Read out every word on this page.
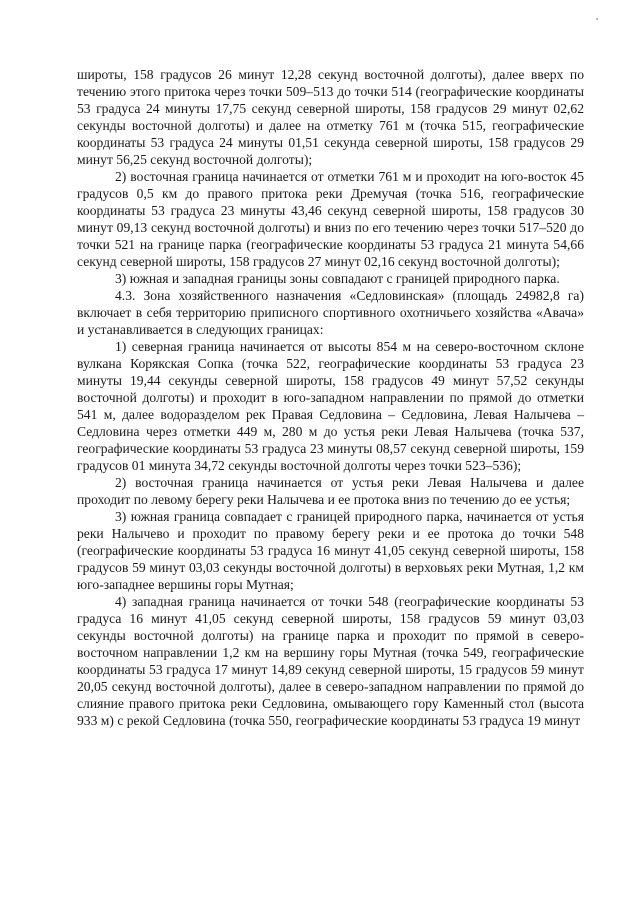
широты, 158 градусов 26 минут 12,28 секунд восточной долготы), далее вверх по течению этого притока через точки 509–513 до точки 514 (географические координаты 53 градуса 24 минуты 17,75 секунд северной широты, 158 градусов 29 минут 02,62 секунды восточной долготы) и далее на отметку 761 м (точка 515, географические координаты 53 градуса 24 минуты 01,51 секунда северной широты, 158 градусов 29 минут 56,25 секунд восточной долготы);

2) восточная граница начинается от отметки 761 м и проходит на юго-восток 45 градусов 0,5 км до правого притока реки Дремучая (точка 516, географические координаты 53 градуса 23 минуты 43,46 секунд северной широты, 158 градусов 30 минут 09,13 секунд восточной долготы) и вниз по его течению через точки 517–520 до точки 521 на границе парка (географические координаты 53 градуса 21 минута 54,66 секунд северной широты, 158 градусов 27 минут 02,16 секунд восточной долготы);

3) южная и западная границы зоны совпадают с границей природного парка.

4.3. Зона хозяйственного назначения «Седловинская» (площадь 24982,8 га) включает в себя территорию приписного спортивного охотничьего хозяйства «Авача» и устанавливается в следующих границах:

1) северная граница начинается от высоты 854 м на северо-восточном склоне вулкана Корякская Сопка (точка 522, географические координаты 53 градуса 23 минуты 19,44 секунды северной широты, 158 градусов 49 минут 57,52 секунды восточной долготы) и проходит в юго-западном направлении по прямой до отметки 541 м, далее водоразделом рек Правая Седловина – Седловина, Левая Налычева – Седловина через отметки 449 м, 280 м до устья реки Левая Налычева (точка 537, географические координаты 53 градуса 23 минуты 08,57 секунд северной широты, 159 градусов 01 минута 34,72 секунды восточной долготы через точки 523–536);

2) восточная граница начинается от устья реки Левая Налычева и далее проходит по левому берегу реки Налычева и ее протока вниз по течению до ее устья;

3) южная граница совпадает с границей природного парка, начинается от устья реки Налычево и проходит по правому берегу реки и ее протока до точки 548 (географические координаты 53 градуса 16 минут 41,05 секунд северной широты, 158 градусов 59 минут 03,03 секунды восточной долготы) в верховьях реки Мутная, 1,2 км юго-западнее вершины горы Мутная;

4) западная граница начинается от точки 548 (географические координаты 53 градуса 16 минут 41,05 секунд северной широты, 158 градусов 59 минут 03,03 секунды восточной долготы) на границе парка и проходит по прямой в северо-восточном направлении 1,2 км на вершину горы Мутная (точка 549, географические координаты 53 градуса 17 минут 14,89 секунд северной широты, 15 градусов 59 минут 20,05 секунд восточной долготы), далее в северо-западном направлении по прямой до слияние правого притока реки Седловина, омывающего гору Каменный стол (высота 933 м) с рекой Седловина (точка 550, географические координаты 53 градуса 19 минут
